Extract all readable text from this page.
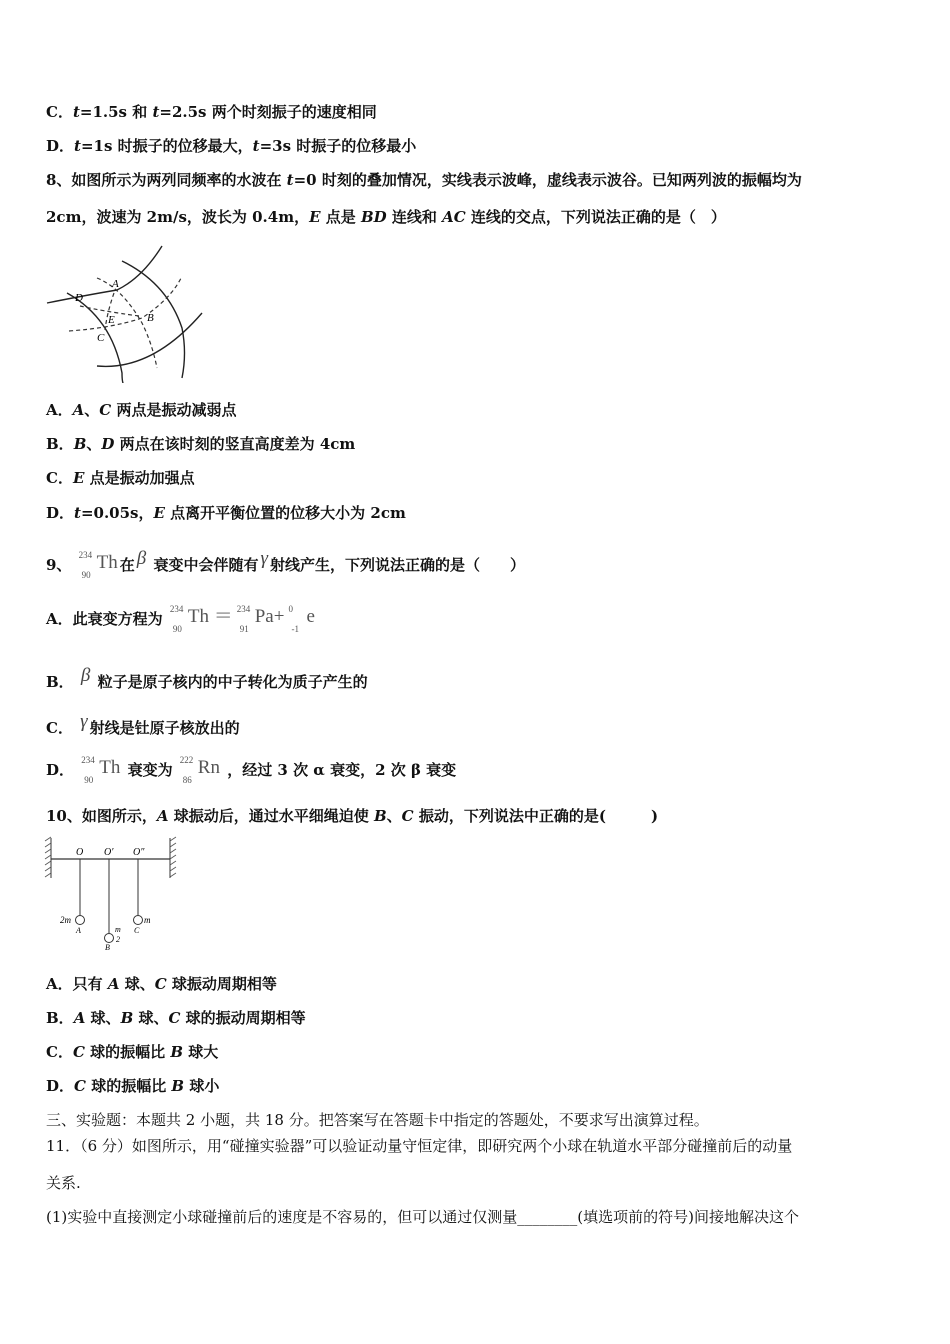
C．t=1.5s 和 t=2.5s 两个时刻振子的速度相同
D．t=1s 时振子的位移最大，t=3s 时振子的位移最小
8、如图所示为两列同频率的水波在 t=0 时刻的叠加情况，实线表示波峰，虚线表示波谷。已知两列波的振幅均为
2cm，波速为 2m/s，波长为 0.4m，E 点是 BD 连线和 AC 连线的交点，下列说法正确的是（　）
A．A、C 两点是振动减弱点
B．B、D 两点在该时刻的竖直高度差为 4cm
C．E 点是振动加强点
D．t=0.05s，E 点离开平衡位置的位移大小为 2cm
9、
234
90
Th 在 β 衰变中会伴随有 γ 射线产生，下列说法正确的是（　　）
A．此衰变方程为
234
90
Th ＝ 234
91
Pa+ 0
-1
e
B． β 粒子是原子核内的中子转化为质子产生的
C． γ 射线是钍原子核放出的
D．
234
90
Th 衰变为
222
86
Rn ，经过 3 次 α 衰变，2 次 β 衰变
10、如图所示，A 球振动后，通过水平细绳迫使 B、C 振动，下列说法中正确的是(　　　)
A．只有 A 球、C 球振动周期相等
B．A 球、B 球、C 球的振动周期相等
C．C 球的振幅比 B 球大
D．C 球的振幅比 B 球小
三、实验题：本题共 2 小题，共 18 分。把答案写在答题卡中指定的答题处，不要求写出演算过程。
11．（6 分）如图所示，用“碰撞实验器”可以验证动量守恒定律，即研究两个小球在轨道水平部分碰撞前后的动量
关系.
(1)实验中直接测定小球碰撞前后的速度是不容易的，但可以通过仅测量________(填选项前的符号)间接地解决这个
A
D
E	B
C
O O′ O″
2m
m
2
m
A
B
C
